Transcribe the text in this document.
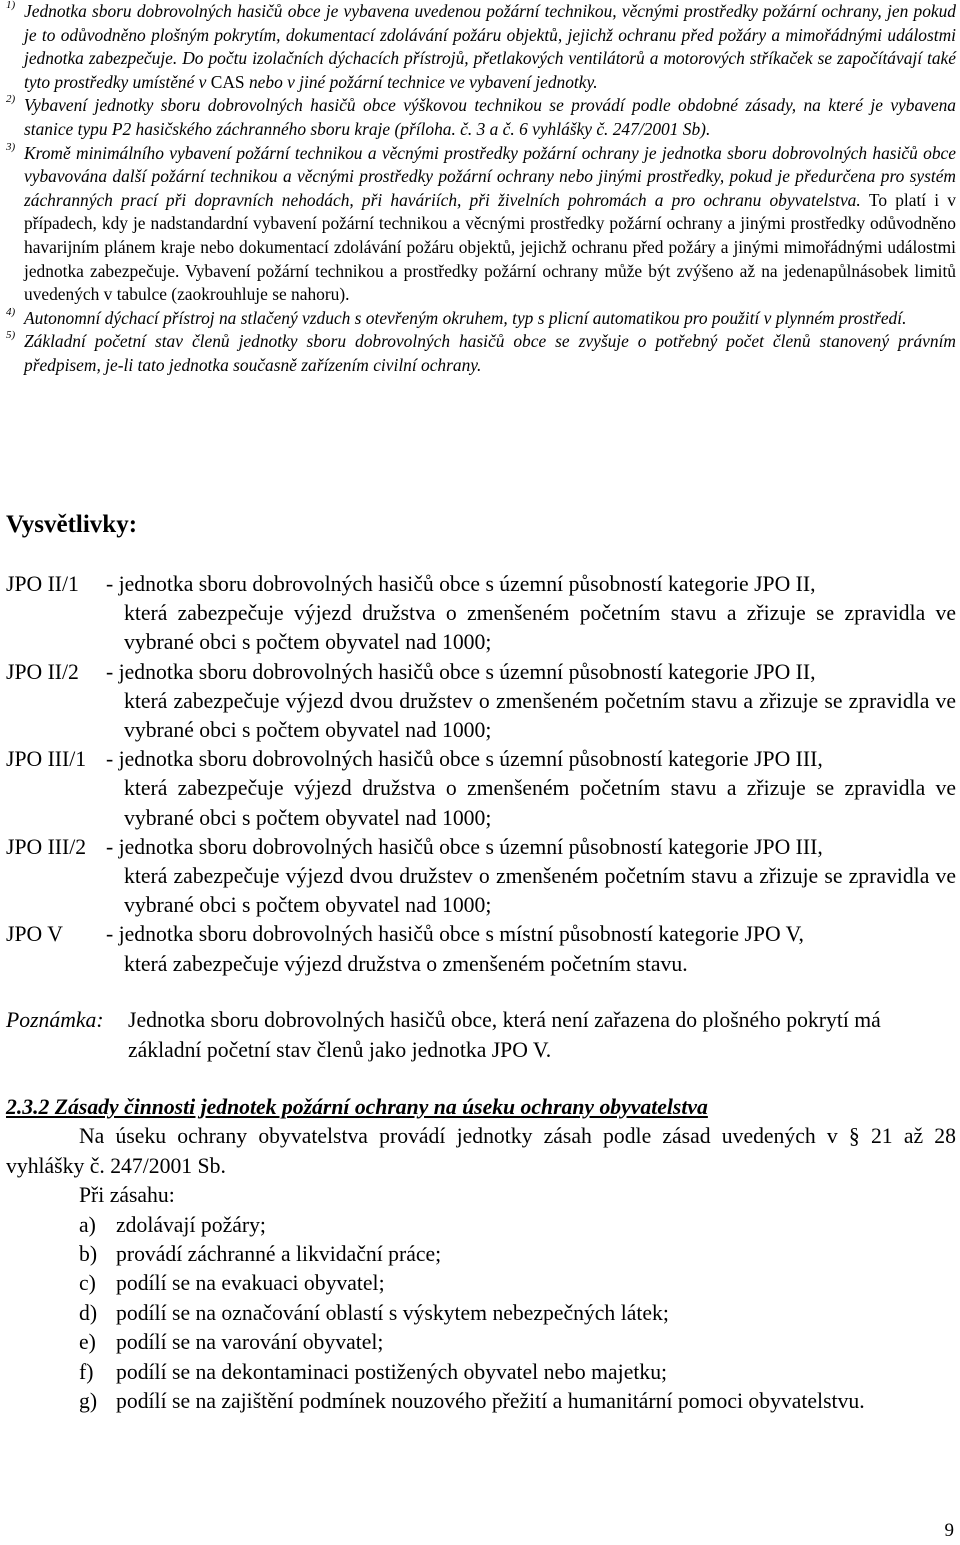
1) Jednotka sboru dobrovolných hasičů obce je vybavena uvedenou požární technikou, věcnými prostředky požární ochrany, jen pokud je to odůvodněno plošným pokrytím, dokumentací zdolávání požáru objektů, jejichž ochranu před požáry a mimořádnými událostmi jednotka zabezpečuje. Do počtu izolačních dýchacích přístrojů, přetlakových ventilátorů a motorových stříkaček se započítávají také tyto prostředky umístěné v CAS nebo v jiné požární technice ve vybavení jednotky.
2) Vybavení jednotky sboru dobrovolných hasičů obce výškovou technikou se provádí podle obdobné zásady, na které je vybavena stanice typu P2 hasičského záchranného sboru kraje (příloha. č. 3 a č. 6 vyhlášky č. 247/2001 Sb).
3) Kromě minimálního vybavení požární technikou a věcnými prostředky požární ochrany je jednotka sboru dobrovolných hasičů obce vybavována další požární technikou a věcnými prostředky požární ochrany nebo jinými prostředky, pokud je předurčena pro systém záchranných prací při dopravních nehodách, při haváriích, při živelních pohromách a pro ochranu obyvatelstva. To platí i v případech, kdy je nadstandardní vybavení požární technikou a věcnými prostředky požární ochrany a jinými prostředky odůvodněno havarijním plánem kraje nebo dokumentací zdolávání požáru objektů, jejichž ochranu před požáry a jinými mimořádnými událostmi jednotka zabezpečuje. Vybavení požární technikou a prostředky požární ochrany může být zvýšeno až na jedenapůlnásobek limitů uvedených v tabulce (zaokrouhluje se nahoru).
4) Autonomní dýchací přístroj na stlačený vzduch s otevřeným okruhem, typ s plicní automatikou pro použití v plynném prostředí.
5) Základní početní stav členů jednotky sboru dobrovolných hasičů obce se zvyšuje o potřebný počet členů stanovený právním předpisem, je-li tato jednotka současně zařízením civilní ochrany.
Vysvětlivky:
JPO II/1	- jednotka sboru dobrovolných hasičů obce s územní působností kategorie JPO II,
která zabezpečuje výjezd družstva o zmenšeném početním stavu a zřizuje se zpravidla ve vybrané obci s počtem obyvatel nad 1000;
JPO II/2	- jednotka sboru dobrovolných hasičů obce s územní působností kategorie JPO II,
která zabezpečuje výjezd dvou družstev o zmenšeném početním stavu a zřizuje se zpravidla ve vybrané obci s počtem obyvatel nad 1000;
JPO III/1 - jednotka sboru dobrovolných hasičů obce s územní působností kategorie JPO III,
která zabezpečuje výjezd družstva o zmenšeném početním stavu a zřizuje se zpravidla ve vybrané obci s počtem obyvatel nad 1000;
JPO III/2 - jednotka sboru dobrovolných hasičů obce s územní působností kategorie JPO III,
která zabezpečuje výjezd dvou družstev o zmenšeném početním stavu a zřizuje se zpravidla ve vybrané obci s počtem obyvatel nad 1000;
JPO V	- jednotka sboru dobrovolných hasičů obce s místní působností kategorie JPO V,
která zabezpečuje výjezd družstva o zmenšeném početním stavu.
Poznámka:	Jednotka sboru dobrovolných hasičů obce, která není zařazena do plošného pokrytí má základní početní stav členů jako jednotka JPO V.
2.3.2 Zásady činnosti jednotek požární ochrany na úseku ochrany obyvatelstva
Na úseku ochrany obyvatelstva provádí jednotky zásah podle zásad uvedených v § 21 až 28 vyhlášky č. 247/2001 Sb.
Při zásahu:
a) zdolávají požáry;
b) provádí záchranné a likvidační práce;
c) podílí se na evakuaci obyvatel;
d) podílí se na označování oblastí s výskytem nebezpečných látek;
e) podílí se na varování obyvatel;
f)	podílí se na dekontaminaci postižených obyvatel nebo majetku;
g) podílí se na zajištění podmínek nouzového přežití a humanitární pomoci obyvatelstvu.
9
